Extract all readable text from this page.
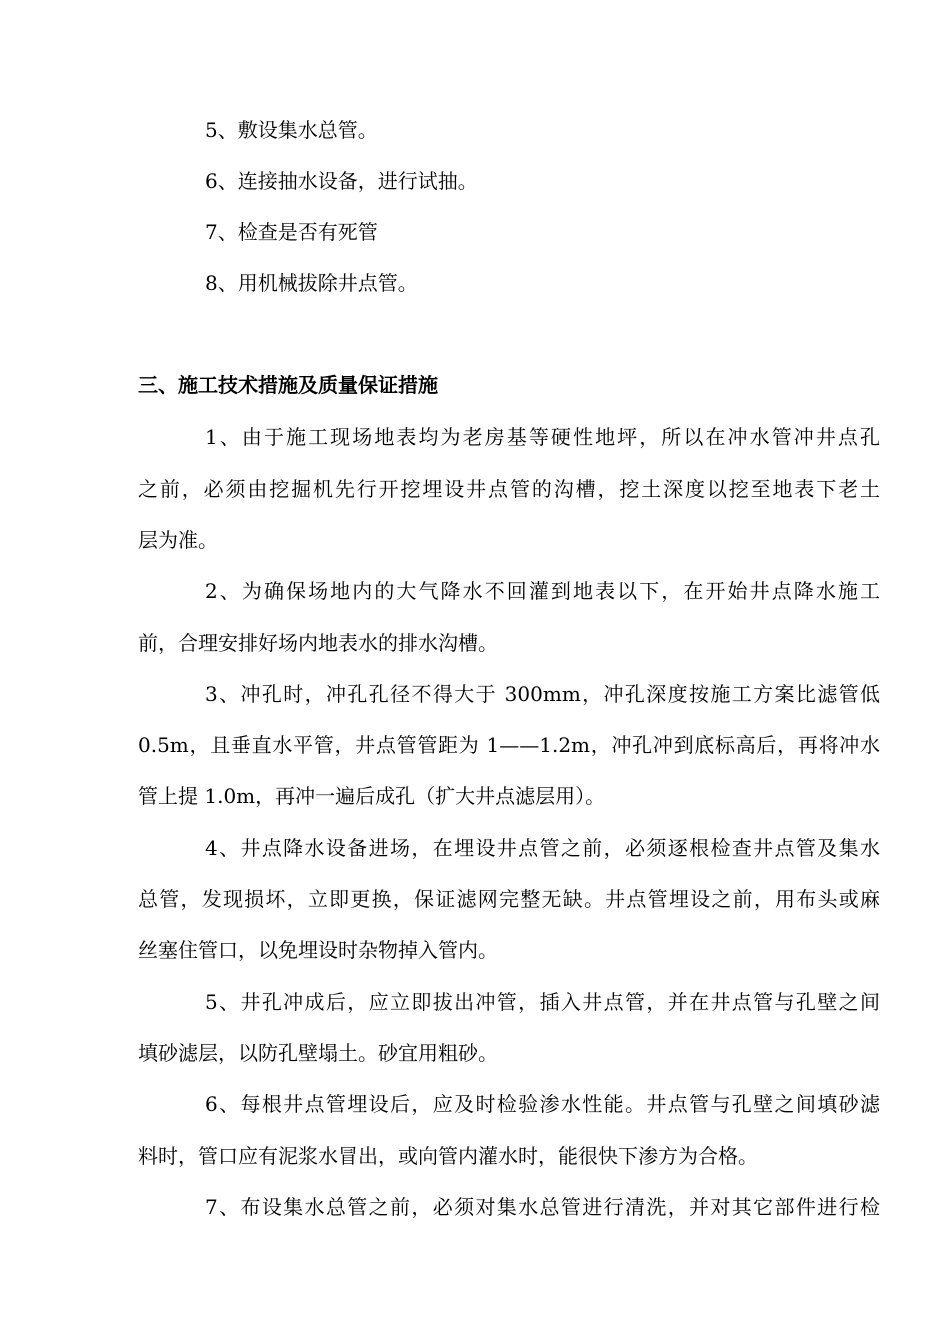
5、敷设集水总管。
6、连接抽水设备，进行试抽。
7、检查是否有死管
8、用机械拔除井点管。
三、施工技术措施及质量保证措施
1、由于施工现场地表均为老房基等硬性地坪，所以在冲水管冲井点孔
之前，必须由挖掘机先行开挖埋设井点管的沟槽，挖土深度以挖至地表下老土
层为准。
2、为确保场地内的大气降水不回灌到地表以下，在开始井点降水施工
前，合理安排好场内地表水的排水沟槽。
3、冲孔时，冲孔孔径不得大于 300mm，冲孔深度按施工方案比滤管低
0.5m，且垂直水平管，井点管管距为 1——1.2m，冲孔冲到底标高后，再将冲水
管上提 1.0m，再冲一遍后成孔（扩大井点滤层用）。
4、井点降水设备进场，在埋设井点管之前，必须逐根检查井点管及集水
总管，发现损坏，立即更换，保证滤网完整无缺。井点管埋设之前，用布头或麻
丝塞住管口，以免埋设时杂物掉入管内。
5、井孔冲成后，应立即拔出冲管，插入井点管，并在井点管与孔壁之间
填砂滤层，以防孔壁塌土。砂宜用粗砂。
6、每根井点管埋设后，应及时检验渗水性能。井点管与孔壁之间填砂滤
料时，管口应有泥浆水冒出，或向管内灌水时，能很快下渗方为合格。
7、布设集水总管之前，必须对集水总管进行清洗，并对其它部件进行检
